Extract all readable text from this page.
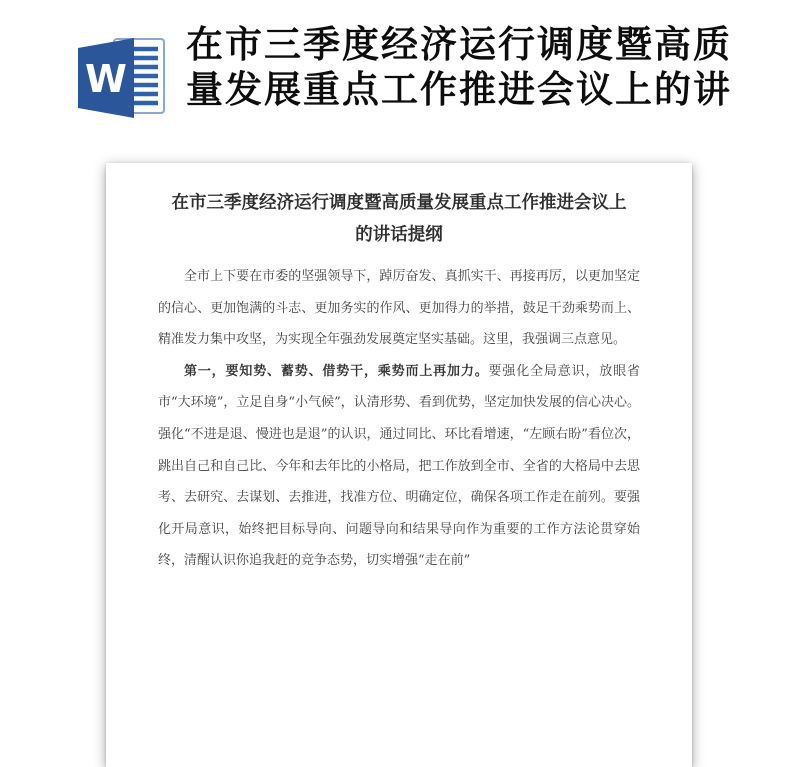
W
在市三季度经济运行调度暨高质
量发展重点工作推进会议上的讲
在市三季度经济运行调度暨高质量发展重点工作推进会议上
的讲话提纲

全市上下要在市委的坚强领导下，踔厉奋发、真抓实干、再接再厉，以更加坚定的信心、更加饱满的斗志、更加务实的作风、更加得力的举措，鼓足干劲乘势而上、精准发力集中攻坚，为实现全年强劲发展奠定坚实基础。这里，我强调三点意见。

第一，要知势、蓄势、借势干，乘势而上再加力。要强化全局意识，放眼省市“大环境”，立足自身“小气候”，认清形势、看到优势，坚定加快发展的信心决心。强化“不进是退、慢进也是退”的认识，通过同比、环比看增速，“左顾右盼”看位次，跳出自己和自己比、今年和去年比的小格局，把工作放到全市、全省的大格局中去思考、去研究、去谋划、去推进，找准方位、明确定位，确保各项工作走在前列。要强化开局意识，始终把目标导向、问题导向和结果导向作为重要的工作方法论贯穿始终，清醒认识你追我赶的竞争态势，切实增强“走在前”
